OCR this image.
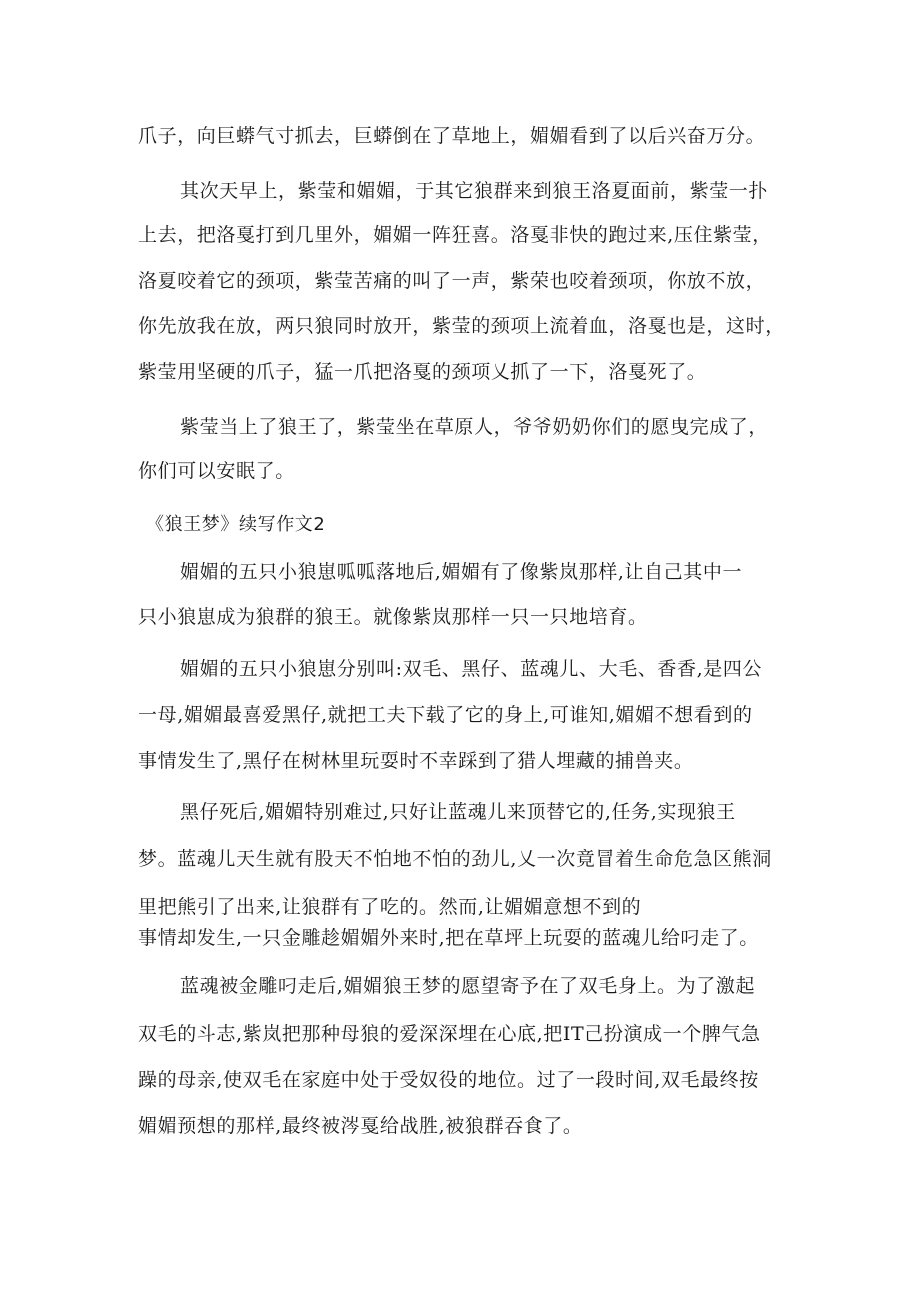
爪子，向巨蟒气寸抓去，巨蟒倒在了草地上，媚媚看到了以后兴奋万分。
其次天早上，紫莹和媚媚，于其它狼群来到狼王洛夏面前，紫莹一扑
上去，把洛戛打到几里外，媚媚一阵狂喜。洛戛非快的跑过来,压住紫莹，
洛夏咬着它的颈项，紫莹苦痛的叫了一声，紫荣也咬着颈项，你放不放，
你先放我在放，两只狼同时放开，紫莹的颈项上流着血，洛戛也是，这时，
紫莹用坚硬的爪子，猛一爪把洛戛的颈项乂抓了一下，洛戛死了。
紫莹当上了狼王了，紫莹坐在草原人，爷爷奶奶你们的愿曳完成了，
你们可以安眠了。
《狼王梦》续写作文2
媚媚的五只小狼崽呱呱落地后,媚媚有了像紫岚那样,让自己其中一
只小狼崽成为狼群的狼王。就像紫岚那样一只一只地培育。
媚媚的五只小狼崽分别叫:双毛、黑仔、蓝魂儿、大毛、香香,是四公
一母,媚媚最喜爱黑仔,就把工夫下载了它的身上,可谁知,媚媚不想看到的
事情发生了,黑仔在树林里玩耍时不幸踩到了猎人埋藏的捕兽夹。
黑仔死后,媚媚特别难过,只好让蓝魂儿来顶替它的,任务,实现狼王
梦。蓝魂儿天生就有股天不怕地不怕的劲儿,乂一次竟冒着生命危急区熊洞
里把熊引了出来,让狼群有了吃的。然而,让媚媚意想不到的
事情却发生,一只金雕趁媚媚外来时,把在草坪上玩耍的蓝魂儿给叼走了。
蓝魂被金雕叼走后,媚媚狼王梦的愿望寄予在了双毛身上。为了激起
双毛的斗志,紫岚把那种母狼的爱深深埋在心底,把IT己扮演成一个脾气急
躁的母亲,使双毛在家庭中处于受奴役的地位。过了一段时间,双毛最终按
媚媚预想的那样,最终被涔戛给战胜,被狼群吞食了。
